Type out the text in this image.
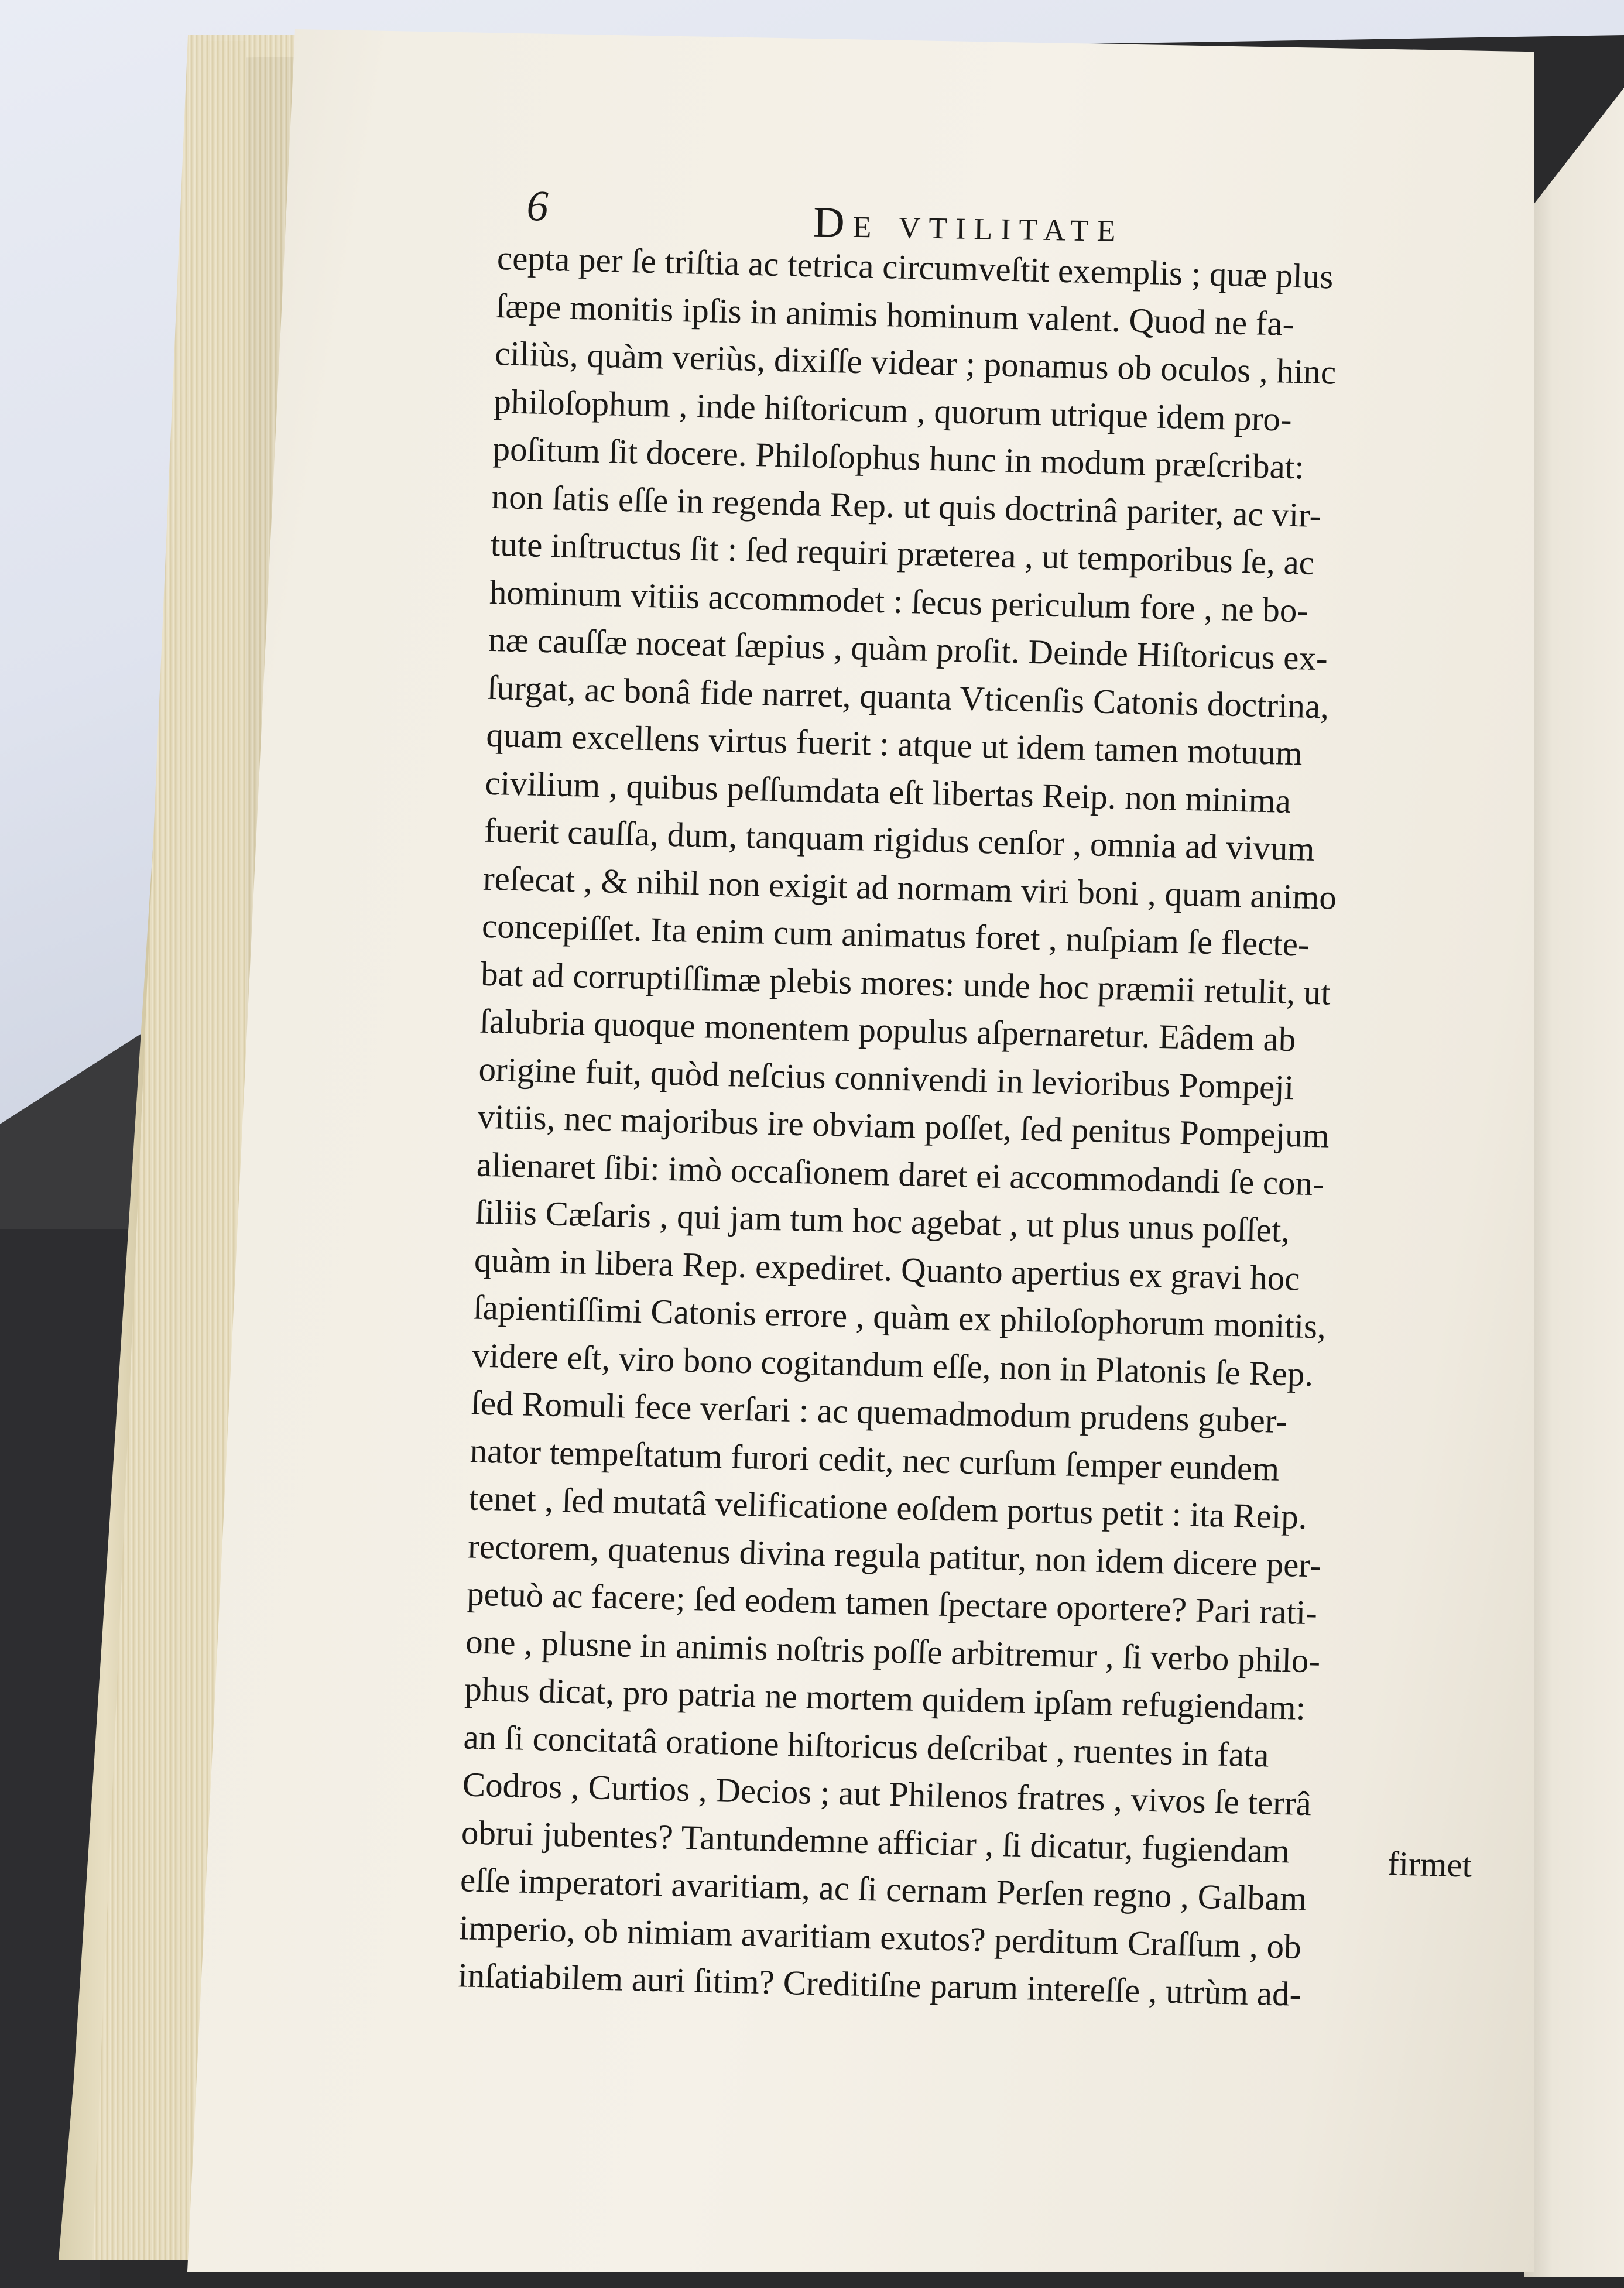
6	De vtilitate
cepta per ſe triſtia ac tetrica circumveſtit exemplis ; quæ plus
ſæpe monitis ipſis in animis hominum valent. Quod ne fa-
ciliùs, quàm veriùs, dixiſſe videar ; ponamus ob oculos , hinc
philoſophum , inde hiſtoricum , quorum utrique idem pro-
poſitum ſit docere. Philoſophus hunc in modum præſcribat:
non ſatis eſſe in regenda Rep. ut quis doctrinâ pariter, ac vir-
tute inſtructus ſit : ſed requiri præterea , ut temporibus ſe, ac
hominum vitiis accommodet : ſecus periculum fore , ne bo-
næ cauſſæ noceat ſæpius , quàm proſit. Deinde Hiſtoricus ex-
ſurgat, ac bonâ fide narret, quanta Vticenſis Catonis doctrina,
quam excellens virtus fuerit : atque ut idem tamen motuum
civilium , quibus peſſumdata eſt libertas Reip. non minima
fuerit cauſſa, dum, tanquam rigidus cenſor , omnia ad vivum
reſecat , & nihil non exigit ad normam viri boni , quam animo
concepiſſet. Ita enim cum animatus foret , nuſpiam ſe flecte-
bat ad corruptiſſimæ plebis mores: unde hoc præmii retulit, ut
ſalubria quoque monentem populus aſpernaretur. Eâdem ab
origine fuit, quòd neſcius connivendi in levioribus Pompeji
vitiis, nec majoribus ire obviam poſſet, ſed penitus Pompejum
alienaret ſibi: imò occaſionem daret ei accommodandi ſe con-
ſiliis Cæſaris , qui jam tum hoc agebat , ut plus unus poſſet,
quàm in libera Rep. expediret. Quanto apertius ex gravi hoc
ſapientiſſimi Catonis errore , quàm ex philoſophorum monitis,
videre eſt, viro bono cogitandum eſſe, non in Platonis ſe Rep.
ſed Romuli fece verſari : ac quemadmodum prudens guber-
nator tempeſtatum furori cedit, nec curſum ſemper eundem
tenet , ſed mutatâ velificatione eoſdem portus petit : ita Reip.
rectorem, quatenus divina regula patitur, non idem dicere per-
petuò ac facere; ſed eodem tamen ſpectare oportere? Pari rati-
one , plusne in animis noſtris poſſe arbitremur , ſi verbo philo-
phus dicat, pro patria ne mortem quidem ipſam refugiendam:
an ſi concitatâ oratione hiſtoricus deſcribat , ruentes in fata
Codros , Curtios , Decios ; aut Philenos fratres , vivos ſe terrâ
obrui jubentes? Tantundemne afficiar , ſi dicatur, fugiendam
eſſe imperatori avaritiam, ac ſi cernam Perſen regno , Galbam
imperio, ob nimiam avaritiam exutos? perditum Craſſum , ob
inſatiabilem auri ſitim? Creditiſne parum intereſſe , utrùm ad-
firmet
